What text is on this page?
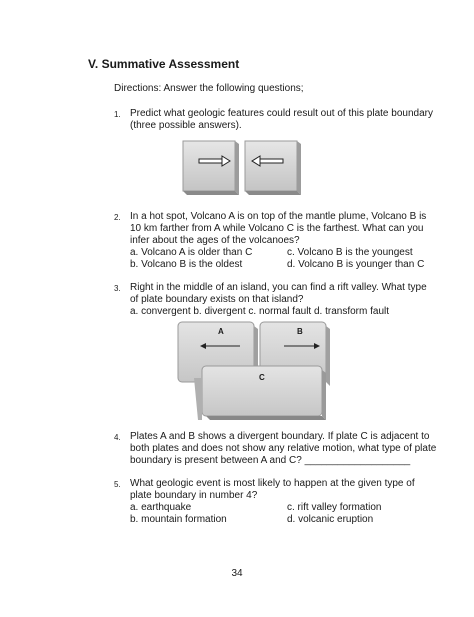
V. Summative Assessment
Directions: Answer the following questions;
1. Predict what geologic features could result out of this plate boundary
(three possible answers).
2. In a hot spot, Volcano A is on top of the mantle plume, Volcano B is
10 km farther from A while Volcano C is the farthest. What can you
infer about the ages of the volcanoes?
a. Volcano A is older than C	c. Volcano B is the youngest
b. Volcano B is the oldest	d. Volcano B is younger than C
3. Right in the middle of an island, you can find a rift valley. What type
of plate boundary exists on that island?
a. convergent b. divergent c. normal fault d. transform fault
A	B
C
4. Plates A and B shows a divergent boundary. If plate C is adjacent to
both plates and does not show any relative motion, what type of plate
boundary is present between A and C? ___________________
5. What geologic event is most likely to happen at the given type of
plate boundary in number 4?
a. earthquake	c. rift valley formation
b. mountain formation	d. volcanic eruption
34
